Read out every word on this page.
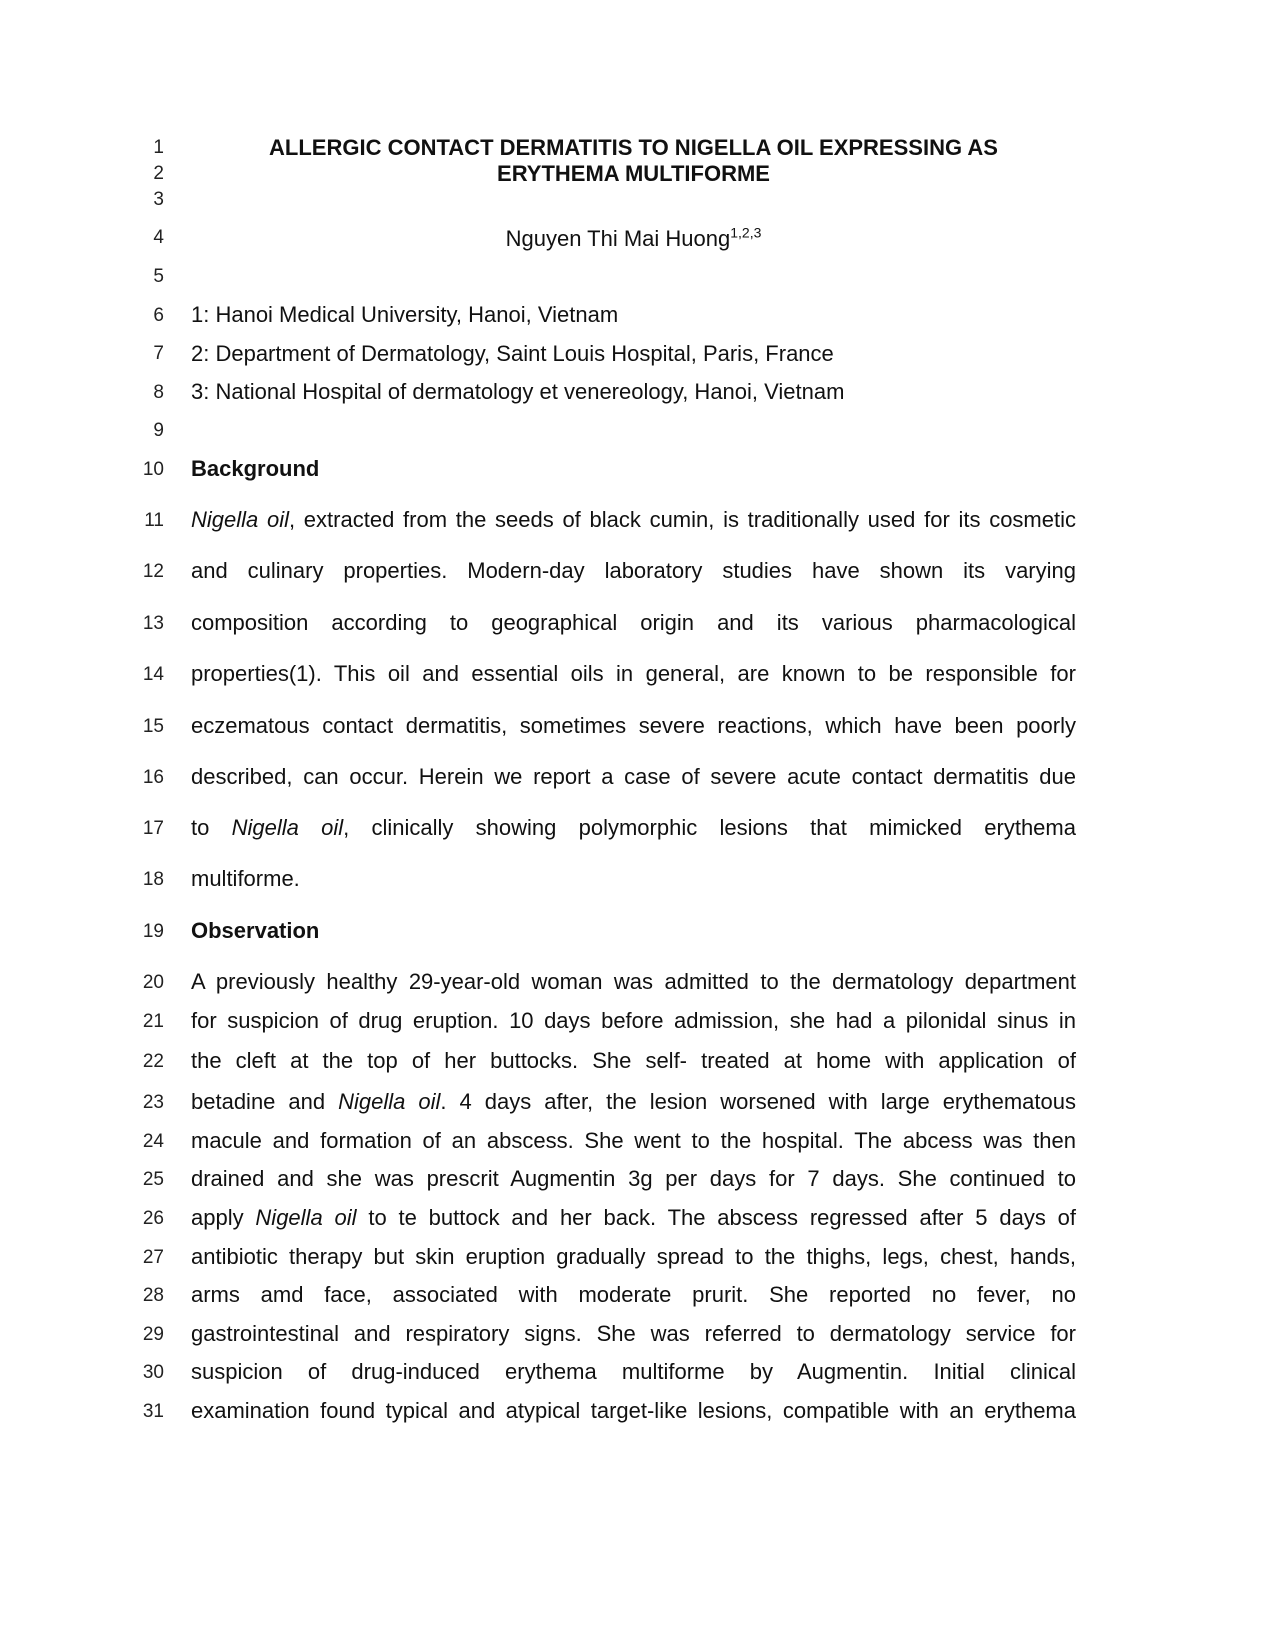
1
2
3
4
5
6
7
8
9
10
11
12
13
14
15
16
17
18
19
20
21
22
23
24
25
26
27
28
29
30
31
ALLERGIC CONTACT DERMATITIS TO NIGELLA OIL EXPRESSING AS
ERYTHEMA MULTIFORME
Nguyen Thi Mai Huong$^{1,2,3}$
1: Hanoi Medical University, Hanoi, Vietnam
2: Department of Dermatology, Saint Louis Hospital, Paris, France
3: National Hospital of dermatology et venereology, Hanoi, Vietnam
Background
Nigella oil, extracted from the seeds of black cumin, is traditionally used for its cosmetic
and culinary properties. Modern-day laboratory studies have shown its varying
composition according to geographical origin and its various pharmacological
properties(1). This oil and essential oils in general, are known to be responsible for
eczematous contact dermatitis, sometimes severe reactions, which have been poorly
described, can occur. Herein we report a case of severe acute contact dermatitis due
to Nigella oil, clinically showing polymorphic lesions that mimicked erythema
multiforme.
Observation
A previously healthy 29-year-old woman was admitted to the dermatology department
for suspicion of drug eruption. 10 days before admission, she had a pilonidal sinus in
the cleft at the top of her buttocks. She self- treated at home with application of
betadine and Nigella oil. 4 days after, the lesion worsened with large erythematous
macule and formation of an abscess. She went to the hospital. The abcess was then
drained and she was prescrit Augmentin 3g per days for 7 days. She continued to
apply Nigella oil to te buttock and her back. The abscess regressed after 5 days of
antibiotic therapy but skin eruption gradually spread to the thighs, legs, chest, hands,
arms amd face, associated with moderate prurit. She reported no fever, no
gastrointestinal and respiratory signs. She was referred to dermatology service for
suspicion of drug-induced erythema multiforme by Augmentin. Initial clinical
examination found typical and atypical target-like lesions, compatible with an erythema
